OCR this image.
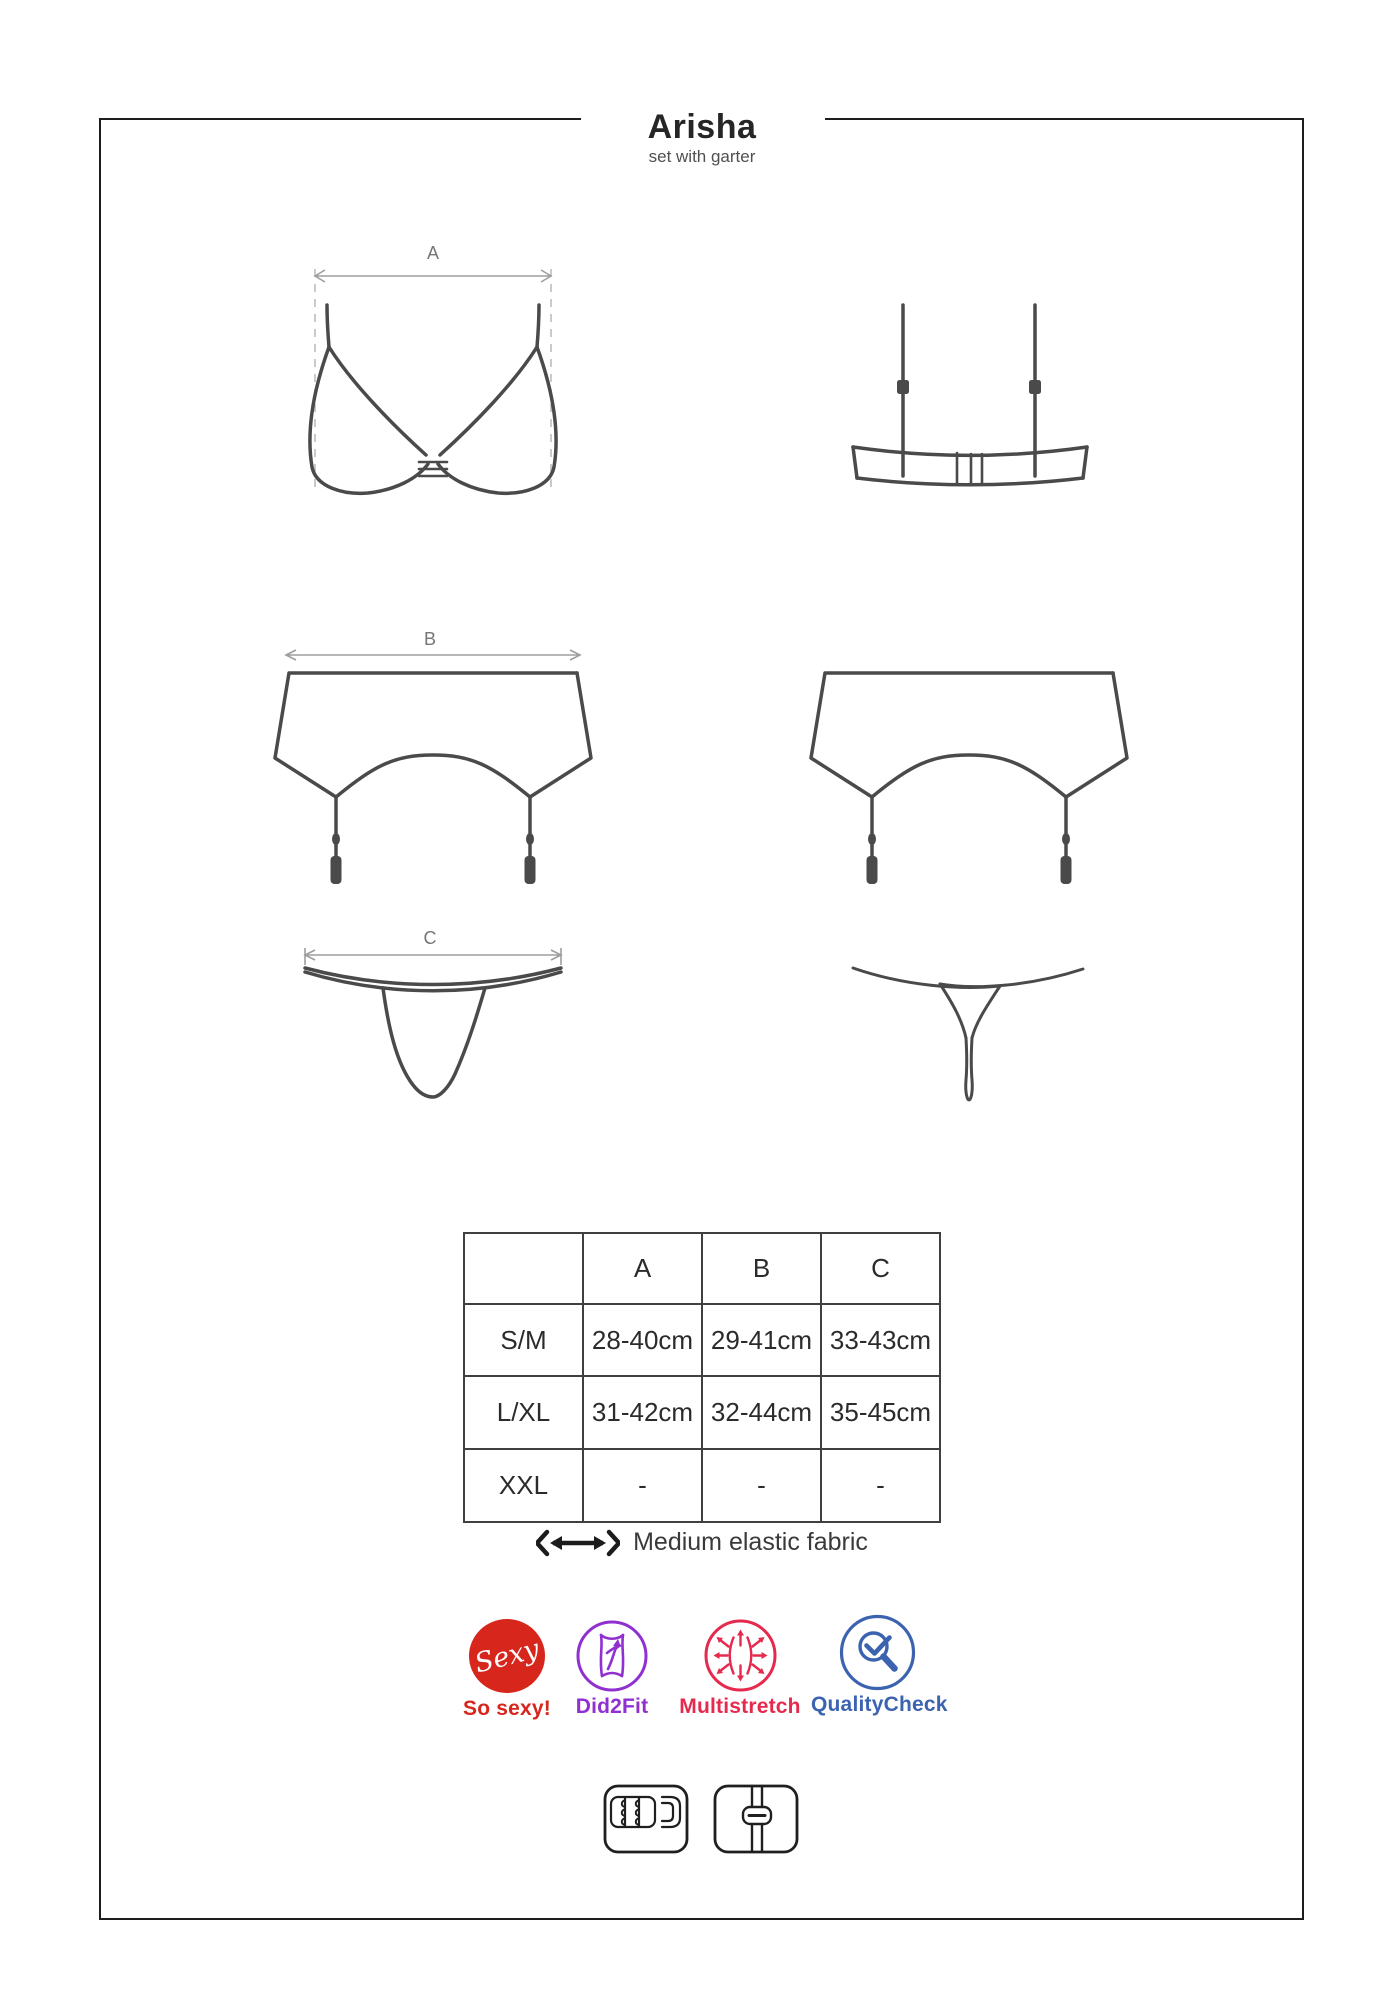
Arisha
set with garter
A
B
C
	A	B	C
S/M	28-40cm	29-41cm	33-43cm
L/XL	31-42cm	32-44cm	35-45cm
XXL	-	-	-
Medium elastic fabric
Sexy
So sexy!	Did2Fit	Multistretch QualityCheck
